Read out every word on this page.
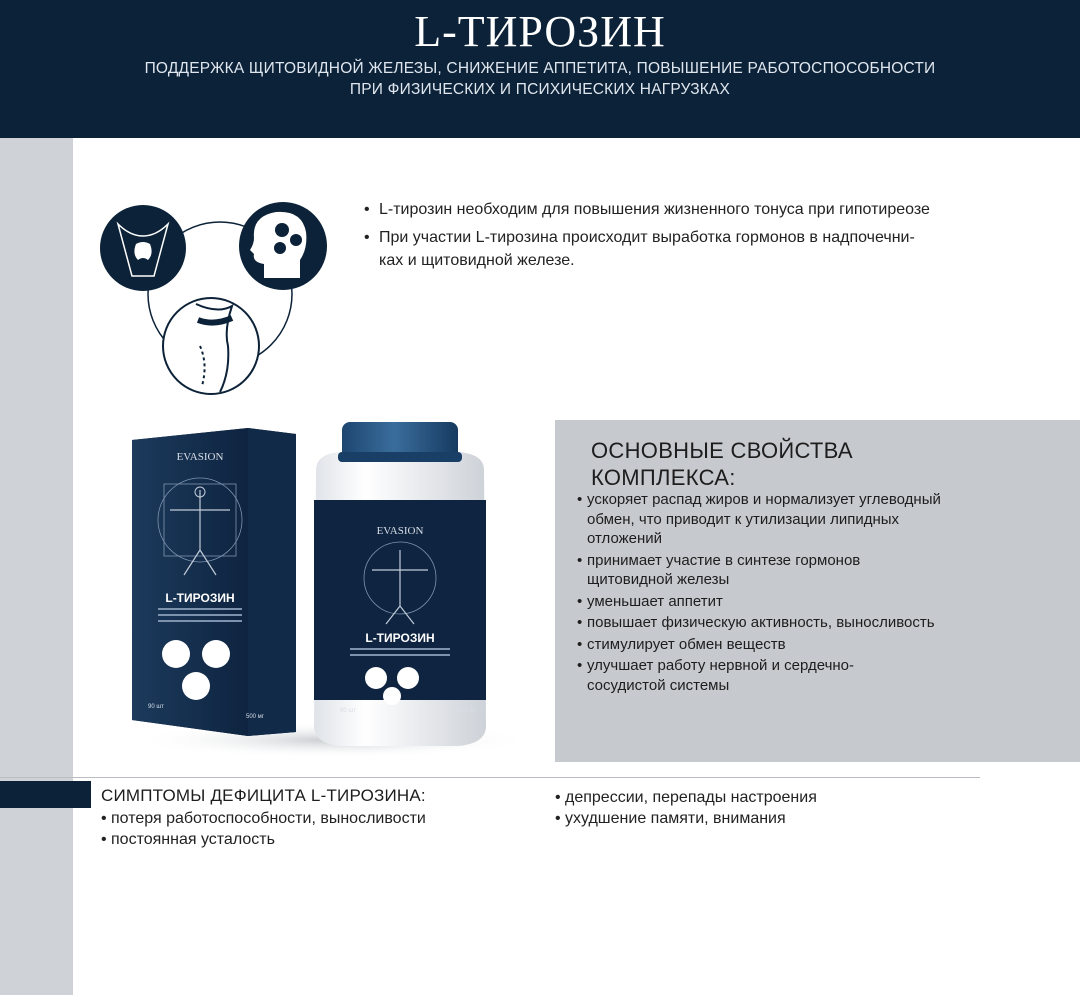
L-ТИРОЗИН
ПОДДЕРЖКА ЩИТОВИДНОЙ ЖЕЛЕЗЫ, СНИЖЕНИЕ АППЕТИТА, ПОВЫШЕНИЕ РАБОТОСПОСОБНОСТИ
ПРИ ФИЗИЧЕСКИХ И ПСИХИЧЕСКИХ НАГРУЗКАХ
• L-тирозин необходим для повышения жизненного тонуса при гипотиреозе
• При участии L-тирозина происходит выработка гормонов в надпочечни-
ках и щитовидной железе.
EVASION
L-ТИРОЗИН
90 шт
500 мг
EVASION
L-ТИРОЗИН
90 шт	500 мг
ОСНОВНЫЕ СВОЙСТВА
КОМПЛЕКСА:
• ускоряет распад жиров и нормализует углеводный
обмен, что приводит к утилизации липидных
отложений
• принимает участие в синтезе гормонов
щитовидной железы
• уменьшает аппетит
• повышает физическую активность, выносливость
• стимулирует обмен веществ
• улучшает работу нервной и сердечно-
сосудистой системы
СИМПТОМЫ ДЕФИЦИТА L-ТИРОЗИНА:
• потеря работоспособности, выносливости
• постоянная усталость
• депрессии, перепады настроения
• ухудшение памяти, внимания
